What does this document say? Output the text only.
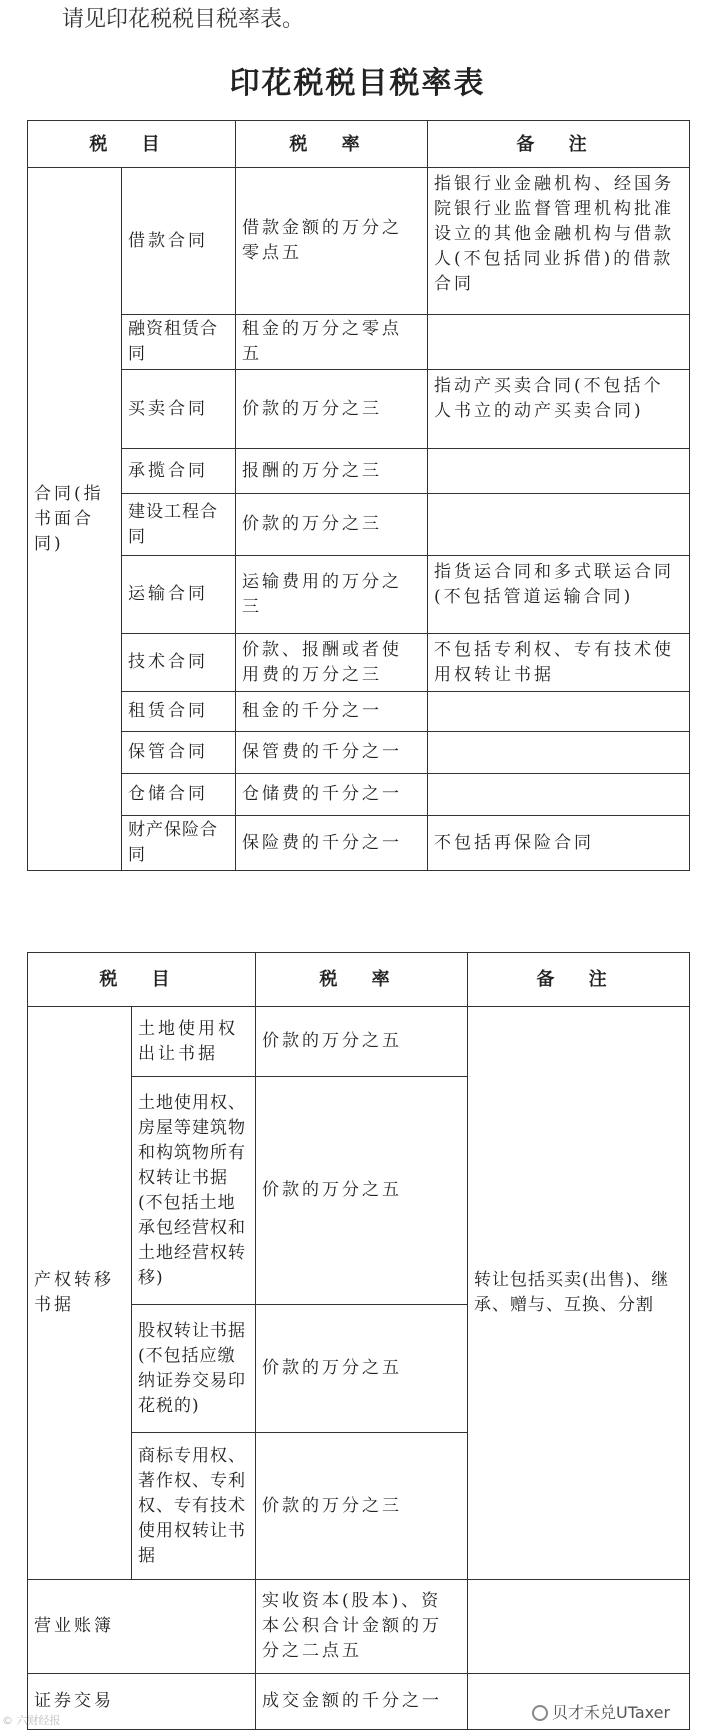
请见印花税税目税率表。
印花税税目税率表
税 目		税 率	备 注
合同(指书面合同)	借款合同	借款金额的万分之零点五	指银行业金融机构、经国务院银行业监督管理机构批准设立的其他金融机构与借款人(不包括同业拆借)的借款合同
	融资租赁合同	租金的万分之零点五	
	买卖合同	价款的万分之三	指动产买卖合同(不包括个人书立的动产买卖合同)
	承揽合同	报酬的万分之三	
	建设工程合同	价款的万分之三	
	运输合同	运输费用的万分之三	指货运合同和多式联运合同(不包括管道运输合同)
	技术合同	价款、报酬或者使用费的万分之三	不包括专利权、专有技术使用权转让书据
	租赁合同	租金的千分之一	
	保管合同	保管费的千分之一	
	仓储合同	仓储费的千分之一	
	财产保险合同	保险费的千分之一	不包括再保险合同
税 目		税 率	备 注
产权转移书据	土地使用权出让书据	价款的万分之五	转让包括买卖(出售)、继承、赠与、互换、分割
	土地使用权、房屋等建筑物和构筑物所有权转让书据(不包括土地承包经营权和土地经营权转移)	价款的万分之五	
	股权转让书据(不包括应缴纳证券交易印花税的)	价款的万分之五	
	商标专用权、著作权、专利权、专有技术使用权转让书据	价款的万分之三	
营业账簿		实收资本(股本)、资本公积合计金额的万分之二点五	
证券交易		成交金额的千分之一	
© 六财经报	贝才禾兑UTaxer
